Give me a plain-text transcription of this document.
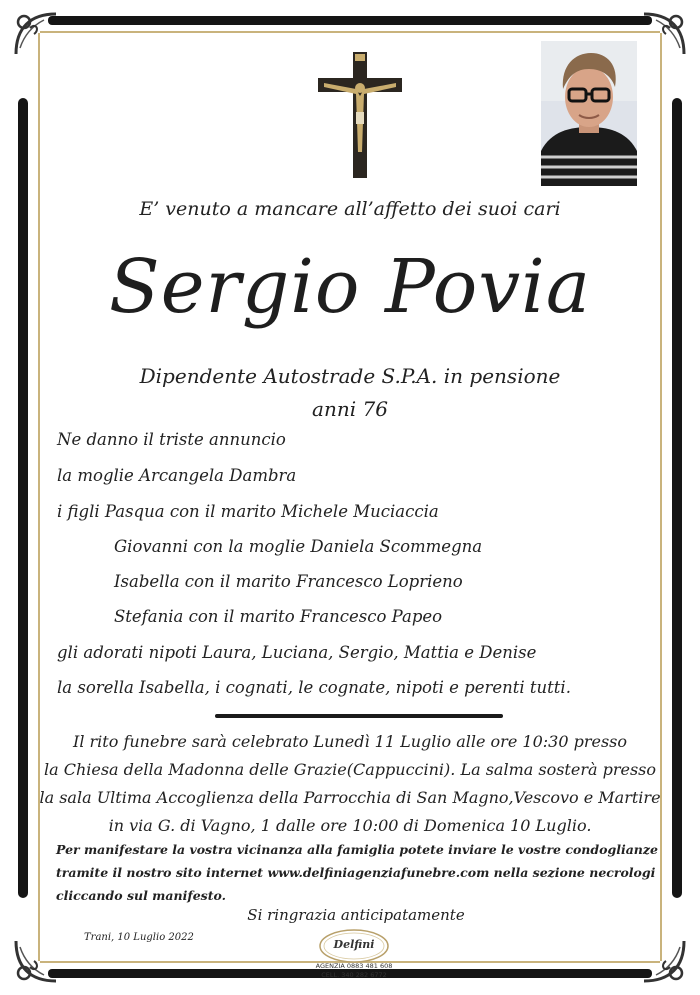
E’ venuto a mancare all’affetto dei suoi cari
Sergio Povia
Dipendente Autostrade S.P.A. in pensione
anni 76
Ne danno il triste annuncio
la moglie Arcangela Dambra
i figli Pasqua con il marito Michele Muciaccia
Giovanni con la moglie Daniela Scommegna
Isabella con il marito Francesco Loprieno
Stefania con il marito Francesco Papeo
gli adorati nipoti Laura, Luciana, Sergio, Mattia e Denise
la sorella Isabella, i cognati, le cognate, nipoti e perenti tutti.
Il rito funebre sarà celebrato Lunedì 11 Luglio alle ore 10:30 presso
la Chiesa della Madonna delle Grazie(Cappuccini). La salma sosterà presso
la sala Ultima Accoglienza della Parrocchia di San Magno,Vescovo e Martire
in via G. di Vagno, 1 dalle ore 10:00 di Domenica 10 Luglio.
Per manifestare la vostra vicinanza alla famiglia potete inviare le vostre condoglianze
tramite il nostro sito internet www.delfiniagenziafunebre.com nella sezione necrologi
cliccando sul manifesto.
Si ringrazia anticipatamente
Trani, 10 Luglio 2022
Delfini
AGENZIA 0883 481 608
CELL. 340 282 6772
